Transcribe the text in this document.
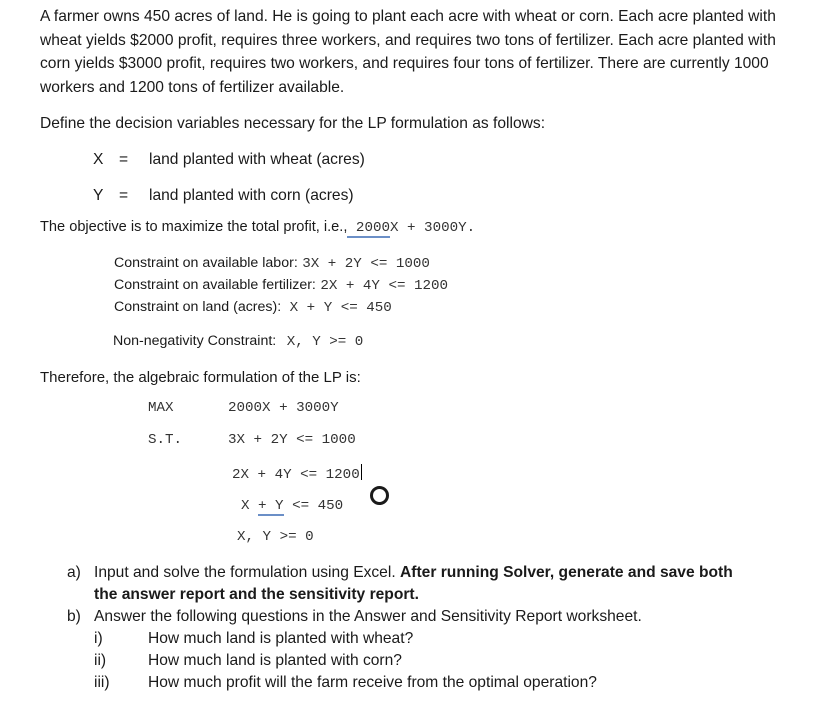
A farmer owns 450 acres of land. He is going to plant each acre with wheat or corn. Each acre planted with wheat yields $2000 profit, requires three workers, and requires two tons of fertilizer. Each acre planted with corn yields $3000 profit, requires two workers, and requires four tons of fertilizer. There are currently 1000 workers and 1200 tons of fertilizer available.
Define the decision variables necessary for the LP formulation as follows:
X = land planted with wheat (acres)
Y = land planted with corn (acres)
The objective is to maximize the total profit, i.e., 2000X + 3000Y.
Constraint on available labor: 3X + 2Y <= 1000
Constraint on available fertilizer: 2X + 4Y <= 1200
Constraint on land (acres): X + Y <= 450
Non-negativity Constraint: X, Y >= 0
Therefore, the algebraic formulation of the LP is:
MAX	2000X + 3000Y
S.T.	3X + 2Y <= 1000
2X + 4Y <= 1200
X + Y <= 450
X, Y >= 0
a) Input and solve the formulation using Excel. After running Solver, generate and save both
the answer report and the sensitivity report.
b) Answer the following questions in the Answer and Sensitivity Report worksheet.
i)	How much land is planted with wheat?
ii)	How much land is planted with corn?
iii) How much profit will the farm receive from the optimal operation?
